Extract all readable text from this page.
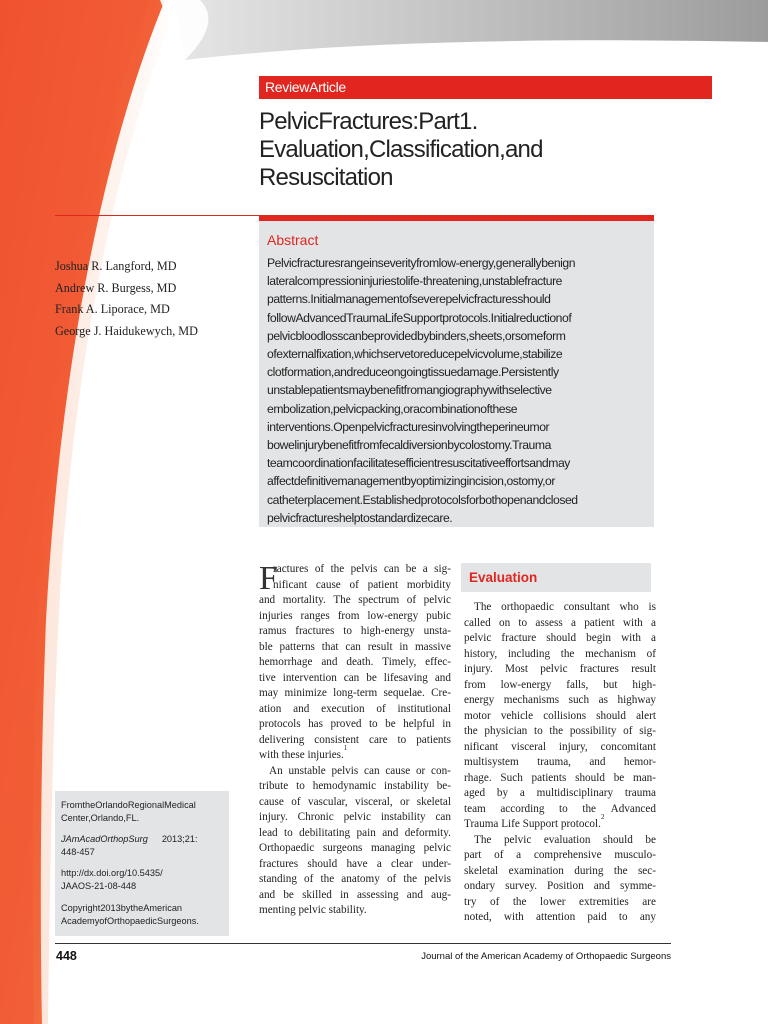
ReviewArticle
PelvicFractures:Part1.
Evaluation,Classification,and
Resuscitation
Abstract
Pelvicfracturesrangeinseverityfromlow-energy,generallybenign
lateralcompressioninjuriestolife-threatening,unstablefracture
patterns.Initialmanagementofseverepelvicfracturesshould
followAdvancedTraumaLifeSupportprotocols.Initialreductionof
pelvicbloodlosscanbeprovidedbybinders,sheets,orsomeform
ofexternalfixation,whichservetoreducepelvicvolume,stabilize
clotformation,andreduceongoingtissuedamage.Persistently
unstablepatientsmaybenefitfromangiographywithselective
embolization,pelvicpacking,oracombinationofthese
interventions.Openpelvicfracturesinvolvingtheperineumor
bowelinjurybenefitfromfecaldiversionbycolostomy.Trauma
teamcoordinationfacilitatesefficientresuscitativeeffortsandmay
affectdefinitivemanagementbyoptimizingincision,ostomy,or
catheterplacement.Establishedprotocolsforbothopenandclosed
pelvicfractureshelptostandardizecare.
Joshua R. Langford, MD
Andrew R. Burgess, MD
Frank A. Liporace, MD
George J. Haidukewych, MD
F
ractures of the pelvis can be a sig-
nificant cause of patient morbidity
and mortality. The spectrum of pelvic
injuries ranges from low-energy pubic
ramus fractures to high-energy unsta-
ble patterns that can result in massive
hemorrhage and death. Timely, effec-
tive intervention can be lifesaving and
may minimize long-term sequelae. Cre-
ation and execution of institutional
protocols has proved to be helpful in
delivering consistent care to patients
with these injuries.
1
An unstable pelvis can cause or con-
tribute to hemodynamic instability be-
cause of vascular, visceral, or skeletal
injury. Chronic pelvic instability can
lead to debilitating pain and deformity.
Orthopaedic surgeons managing pelvic
fractures should have a clear under-
standing of the anatomy of the pelvis
and be skilled in assessing and aug-
menting pelvic stability.
Evaluation
The orthopaedic consultant who is
called on to assess a patient with a
pelvic fracture should begin with a
history, including the mechanism of
injury. Most pelvic fractures result
from low-energy falls, but high-
energy mechanisms such as highway
motor vehicle collisions should alert
the physician to the possibility of sig-
nificant visceral injury, concomitant
multisystem trauma, and hemor-
rhage. Such patients should be man-
aged by a multidisciplinary trauma
team according to the Advanced
Trauma Life Support protocol.
2
The pelvic evaluation should be
part of a comprehensive musculo-
skeletal examination during the sec-
ondary survey. Position and symme-
try of the lower extremities are
noted, with attention paid to any
FromtheOrlandoRegionalMedical
Center,Orlando,FL.
JAmAcadOrthopSurg 2013;21:
448-457
http://dx.doi.org/10.5435/
JAAOS-21-08-448
Copyright2013bytheAmerican
AcademyofOrthopaedicSurgeons.
448	Journal of the American Academy of Orthopaedic Surgeons
